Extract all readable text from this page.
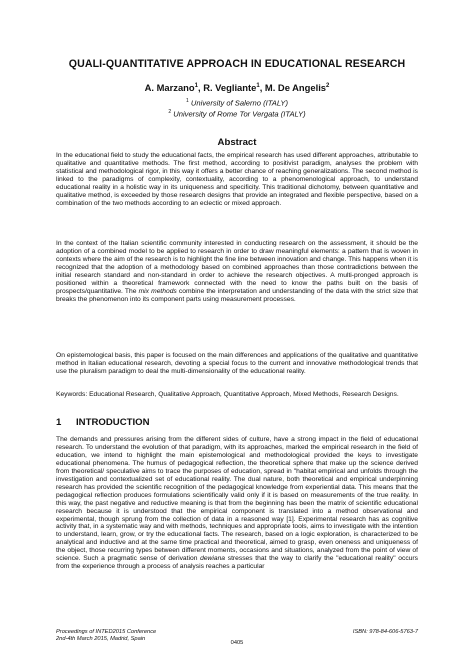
QUALI-QUANTITATIVE APPROACH IN EDUCATIONAL RESEARCH
A. Marzano$^1$, R. Vegliante$^1$, M. De Angelis$^2$
$^1$ University of Salerno (ITALY)
$^2$ University of Rome Tor Vergata (ITALY)
Abstract

In the educational field to study the educational facts, the empirical research has used different approaches, attributable to qualitative and quantitative methods. The first method, according to positivist paradigm, analyses the problem with statistical and methodological rigor, in this way it offers a better chance of reaching generalizations. The second method is linked to the paradigms of complexity, contextuality, according to a phenomenological approach, to understand educational reality in a holistic way in its uniqueness and specificity. This traditional dichotomy, between quantitative and qualitative method, is exceeded by those research designs that provide an integrated and flexible perspective, based on a combination of the two methods according to an eclectic or mixed approach.

In the context of the Italian scientific community interested in conducting research on the assessment, it should be the adoption of a combined model to be applied to research in order to draw meaningful elements: a pattern that is woven in contexts where the aim of the research is to highlight the fine line between innovation and change. This happens when it is recognized that the adoption of a methodology based on combined approaches than those contradictions between the initial research standard and non-standard in order to achieve the research objectives. A multi-pronged approach is positioned within a theoretical framework connected with the need to know the paths built on the basis of prospects/quantitative. The mix methods combine the interpretation and understanding of the data with the strict size that breaks the phenomenon into its component parts using measurement processes.

On epistemological basis, this paper is focused on the main differences and applications of the qualitative and quantitative method in Italian educational research, devoting a special focus to the current and innovative methodological trends that use the pluralism paradigm to deal the multi-dimensionality of the educational reality.

Keywords: Educational Research, Qualitative Approach, Quantitative Approach, Mixed Methods, Research Designs.

1 INTRODUCTION

The demands and pressures arising from the different sides of culture, have a strong impact in the field of educational research. To understand the evolution of that paradigm, with its approaches, marked the empirical research in the field of education, we intend to highlight the main epistemological and methodological provided the keys to investigate educational phenomena. The humus of pedagogical reflection, the theoretical sphere that make up the science derived from theoretical/ speculative aims to trace the purposes of education, spread in "habitat empirical and unfolds through the investigation and contextualized set of educational reality. The dual nature, both theoretical and empirical underpinning research has provided the scientific recognition of the pedagogical knowledge from experiential data. This means that the pedagogical reflection produces formulations scientifically valid only if it is based on measurements of the true reality. In this way, the past negative and reductive meaning is that from the beginning has been the matrix of scientific educational research because it is understood that the empirical component is translated into a method observational and experimental, though sprung from the collection of data in a reasoned way [1]. Experimental research has as cognitive activity that, in a systematic way and with methods, techniques and appropriate tools, aims to investigate with the intention to understand, learn, grow, or try the educational facts. The research, based on a logic exploration, is characterized to be analytical and inductive and at the same time practical and theoretical, aimed to grasp, even oneness and uniqueness of the object, those recurring types between different moments, occasions and situations, analyzed from the point of view of science. Such a pragmatic sense of derivation dewiana stresses that the way to clarify the "educational reality" occurs from the experience through a process of analysis reaches a particular

Proceedings of INTED2015 Conference
2nd-4th March 2015, Madrid, Spain
ISBN: 978-84-606-5763-7
0405
